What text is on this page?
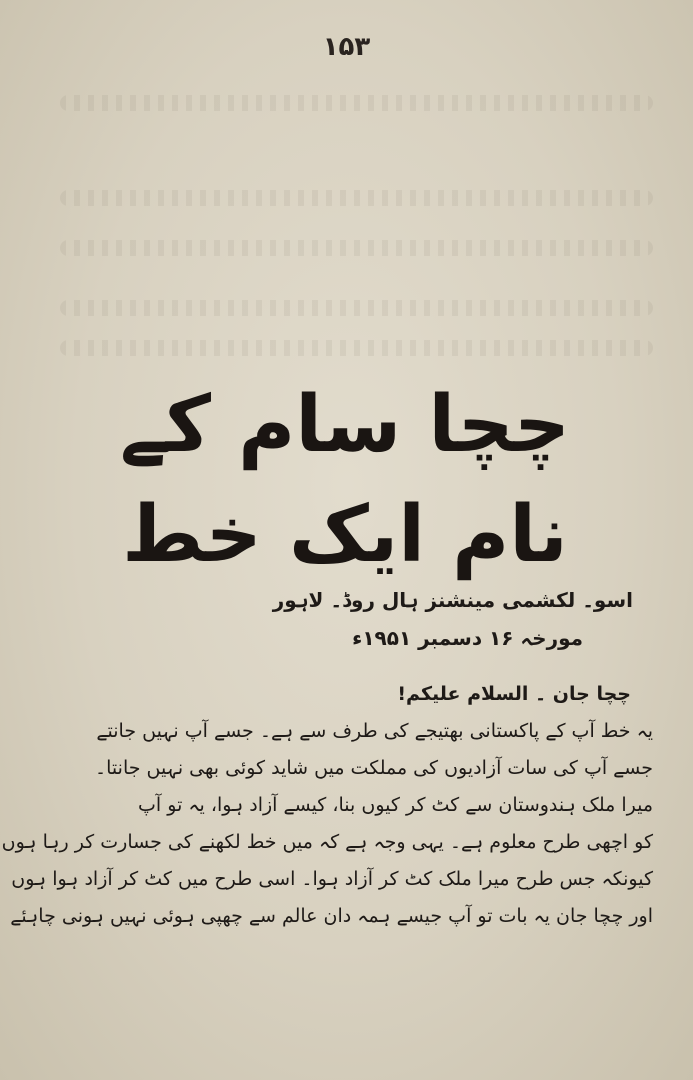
۱۵۳
چچا سام کے نام ایک خط
اسو۔ لکشمی مینشنز ہال روڈ۔ لاہور
مورخہ ۱۶ دسمبر ۱۹۵۱ء
چچا جان ۔ السلام علیکم!
یہ خط آپ کے پاکستانی بھتیجے کی طرف سے ہے۔ جسے آپ نہیں جانتے
جسے آپ کی سات آزادیوں کی مملکت میں شاید کوئی بھی نہیں جانتا۔
میرا ملک ہندوستان سے کٹ کر کیوں بنا، کیسے آزاد ہوا، یہ تو آپ
کو اچھی طرح معلوم ہے۔ یہی وجہ ہے کہ میں خط لکھنے کی جسارت کر رہا ہوں
کیونکہ جس طرح میرا ملک کٹ کر آزاد ہوا۔ اسی طرح میں کٹ کر آزاد ہوا ہوں
اور چچا جان یہ بات تو آپ جیسے ہمہ دان عالم سے چھپی ہوئی نہیں ہونی چاہئے
